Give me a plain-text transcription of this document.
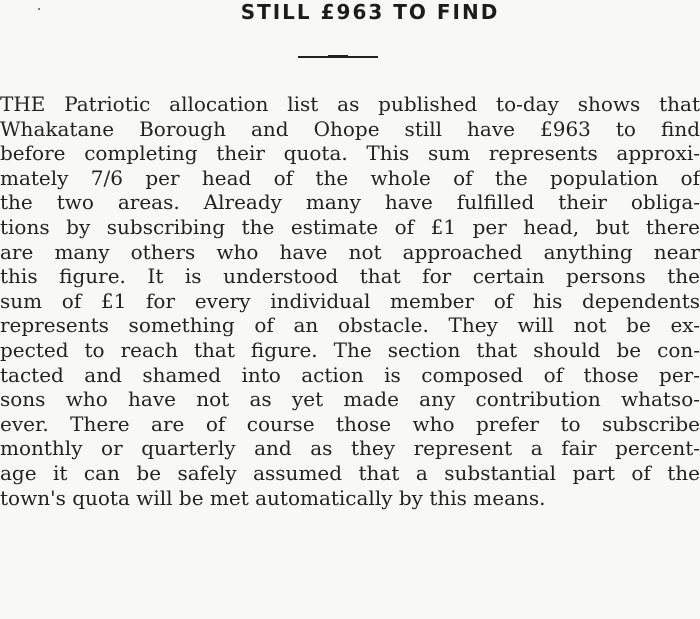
STILL £963 TO FIND
THE Patriotic allocation list as published to-day shows that
Whakatane Borough and Ohope still have £963 to find
before completing their quota. This sum represents approxi-
mately 7/6 per head of the whole of the population of
the two areas. Already many have fulfilled their obliga-
tions by subscribing the estimate of £1 per head, but there
are many others who have not approached anything near
this figure. It is understood that for certain persons the
sum of £1 for every individual member of his dependents
represents something of an obstacle. They will not be ex-
pected to reach that figure. The section that should be con-
tacted and shamed into action is composed of those per-
sons who have not as yet made any contribution whatso-
ever. There are of course those who prefer to subscribe
monthly or quarterly and as they represent a fair percent-
age it can be safely assumed that a substantial part of the
town's quota will be met automatically by this means.
